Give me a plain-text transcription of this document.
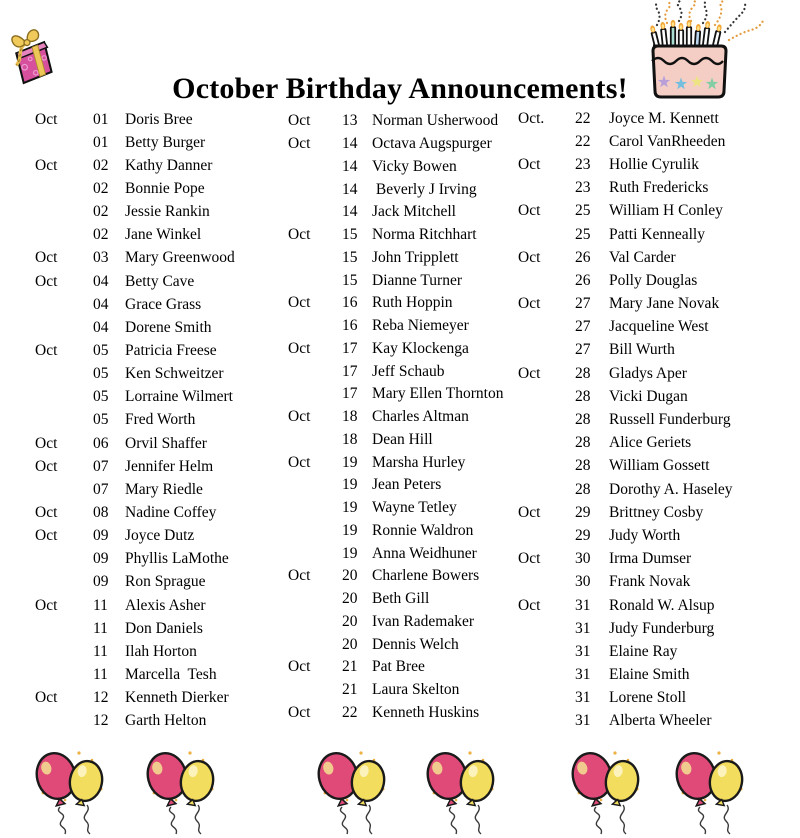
October Birthday Announcements!
Oct	01	Doris Bree
01	Betty Burger
Oct	02	Kathy Danner
02	Bonnie Pope
02	Jessie Rankin
02	Jane Winkel
Oct	03	Mary Greenwood
Oct	04	Betty Cave
04	Grace Grass
04	Dorene Smith
Oct	05	Patricia Freese
05	Ken Schweitzer
05	Lorraine Wilmert
05	Fred Worth
Oct	06	Orvil Shaffer
Oct	07	Jennifer Helm
07	Mary Riedle
Oct	08	Nadine Coffey
Oct	09	Joyce Dutz
09	Phyllis LaMothe
09	Ron Sprague
Oct	11	Alexis Asher
11	Don Daniels
11	Ilah Horton
11	Marcella  Tesh
Oct	12	Kenneth Dierker
12	Garth Helton
Oct	13 Norman Usherwood
Oct	14 Octava Augspurger
14 Vicky Bowen
14 Beverly J Irving
14 Jack Mitchell
Oct	15 Norma Ritchhart
15 John Tripplett
15 Dianne Turner
Oct	16 Ruth Hoppin
16 Reba Niemeyer
Oct	17 Kay Klockenga
17 Jeff Schaub
17 Mary Ellen Thornton
Oct	18 Charles Altman
18 Dean Hill
Oct	19 Marsha Hurley
19 Jean Peters
19 Wayne Tetley
19 Ronnie Waldron
19 Anna Weidhuner
Oct	20 Charlene Bowers
20 Beth Gill
20 Ivan Rademaker
20 Dennis Welch
Oct	21 Pat Bree
21 Laura Skelton
Oct	22 Kenneth Huskins
Oct.	22	Joyce M. Kennett
22	Carol VanRheeden
Oct	23	Hollie Cyrulik
23	Ruth Fredericks
Oct	25	William H Conley
25	Patti Kenneally
Oct	26	Val Carder
26	Polly Douglas
Oct	27	Mary Jane Novak
27	Jacqueline West
27	Bill Wurth
Oct	28	Gladys Aper
28	Vicki Dugan
28	Russell Funderburg
28	Alice Geriets
28	William Gossett
28	Dorothy A. Haseley
Oct	29	Brittney Cosby
29	Judy Worth
Oct	30	Irma Dumser
30	Frank Novak
Oct	31	Ronald W. Alsup
31	Judy Funderburg
31	Elaine Ray
31	Elaine Smith
31	Lorene Stoll
31	Alberta Wheeler
